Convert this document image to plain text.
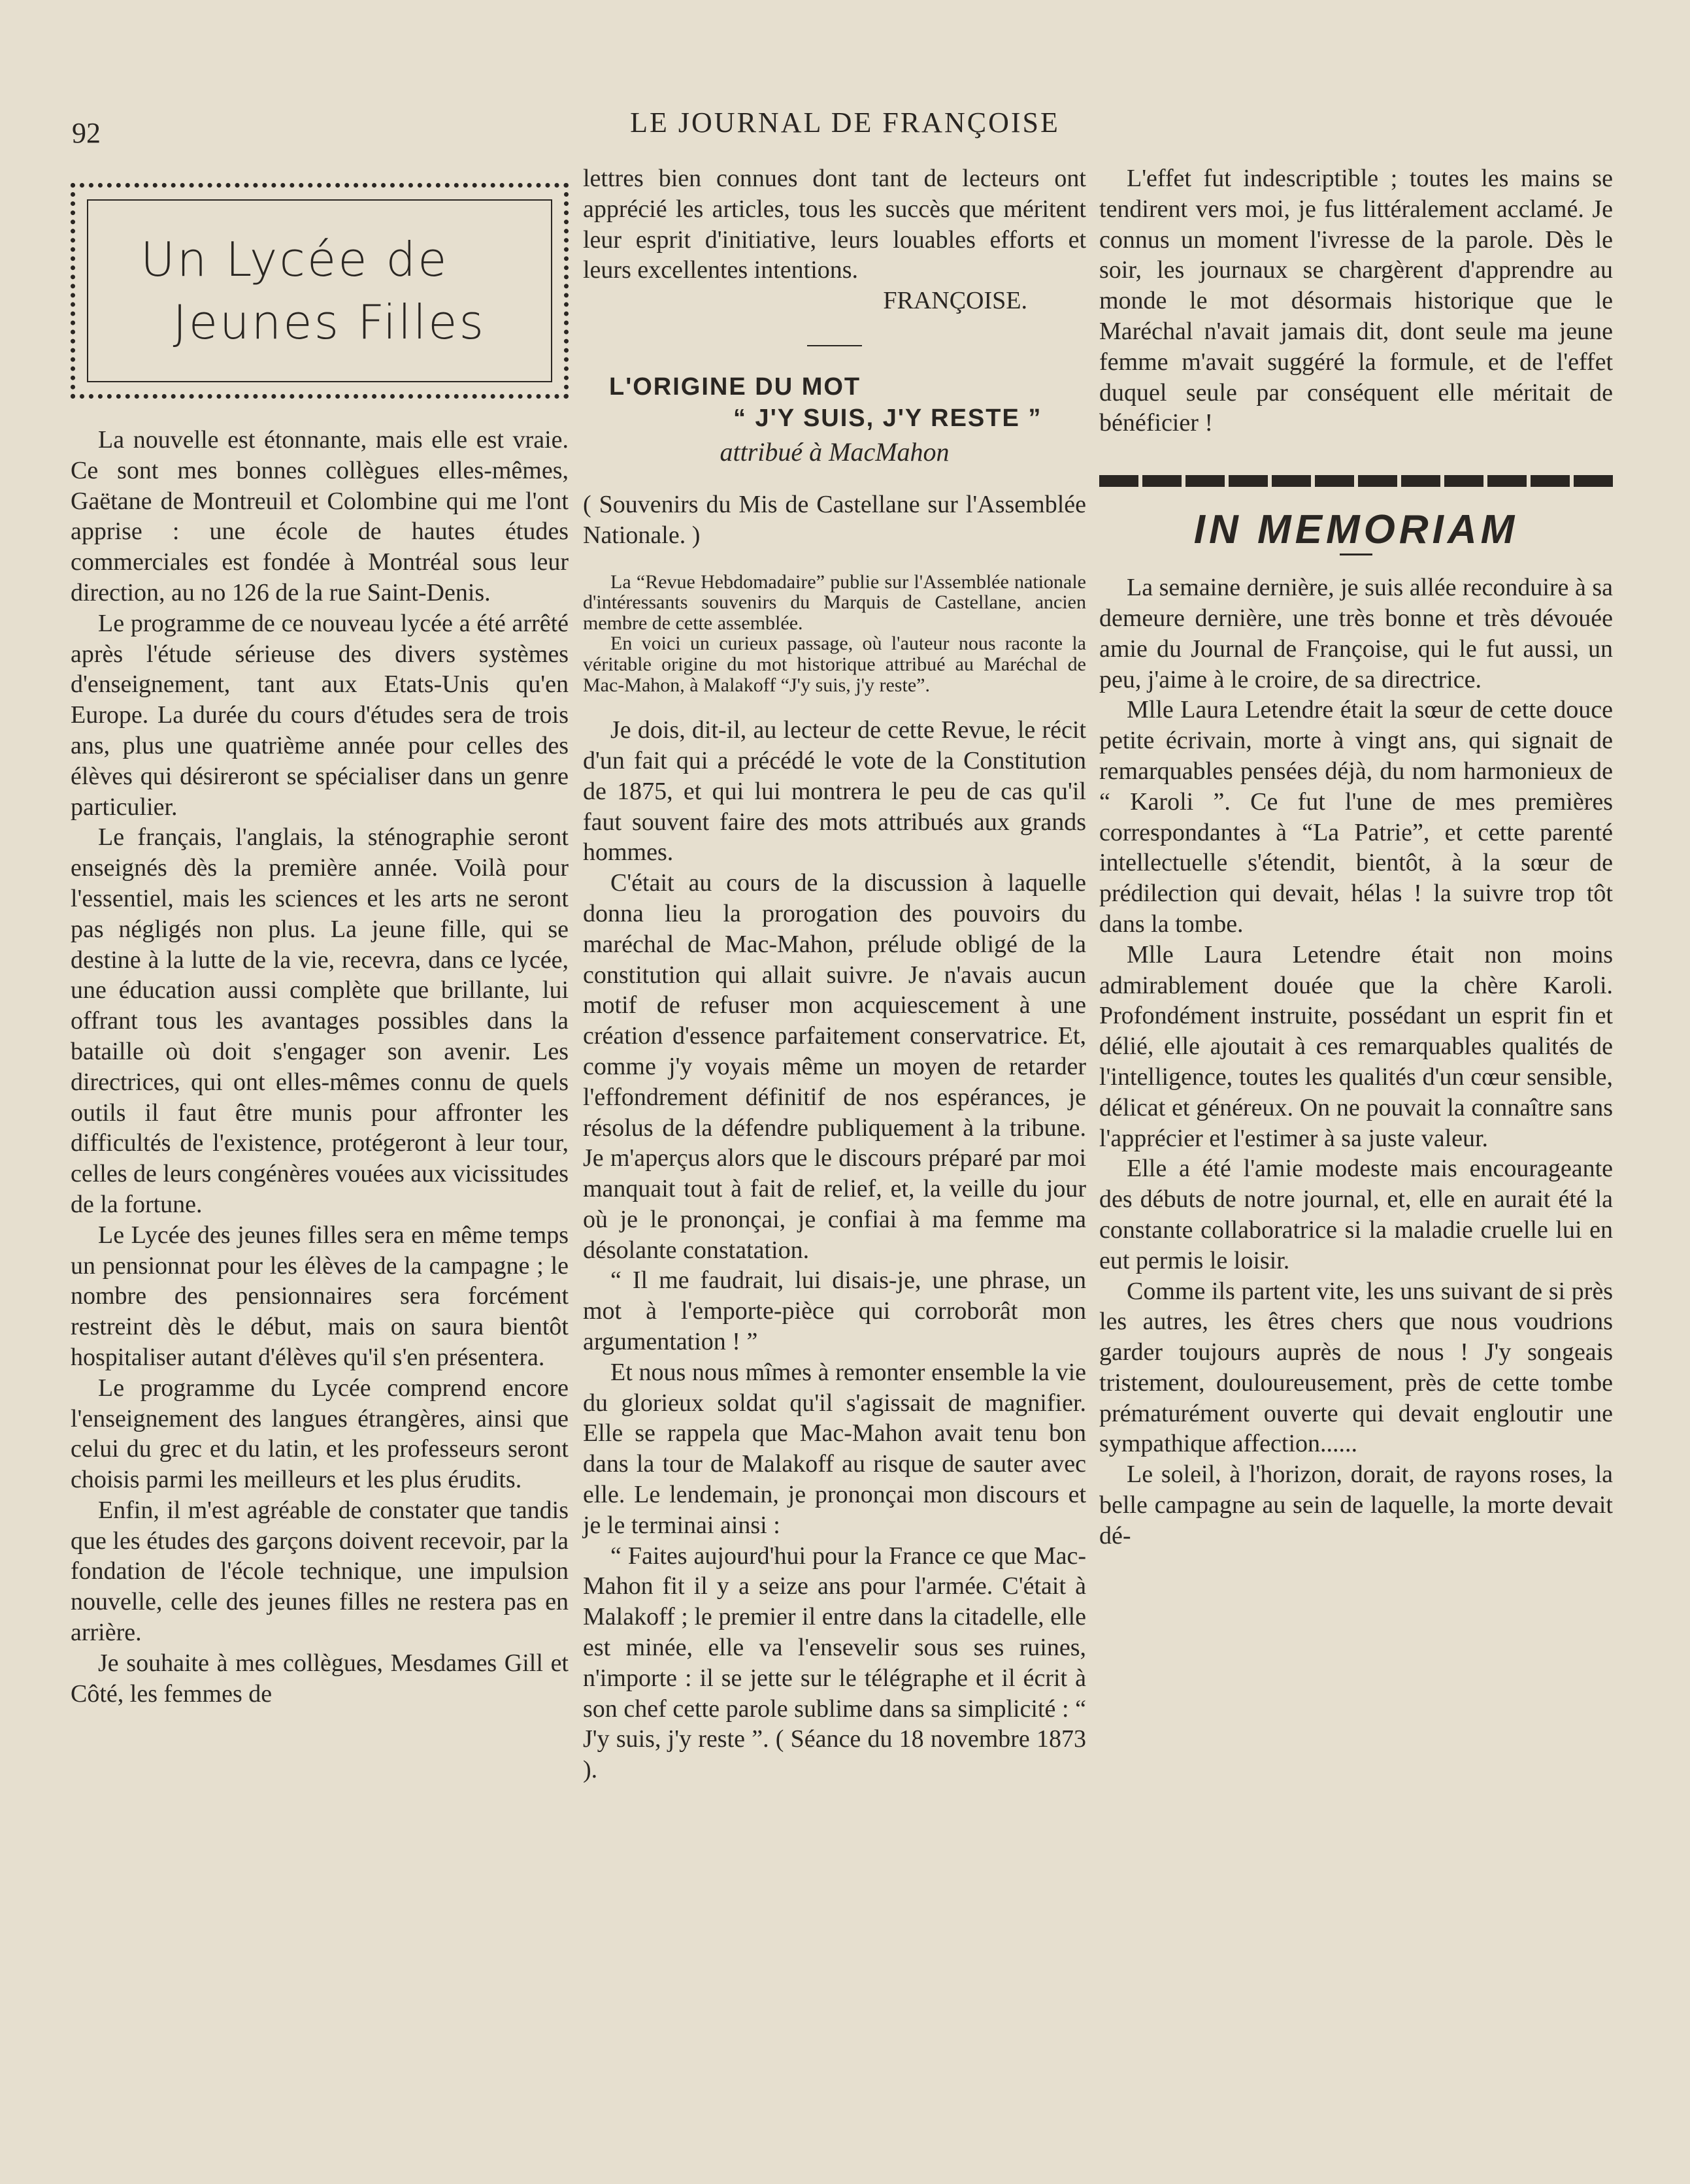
92	LE JOURNAL DE FRANÇOISE
Un Lycée de
Jeunes Filles

La nouvelle est étonnante, mais elle est vraie. Ce sont mes bonnes collègues elles-mêmes, Gaëtane de Montreuil et Colombine qui me l'ont apprise : une école de hautes études commerciales est fondée à Montréal sous leur direction, au no 126 de la rue Saint-Denis.

Le programme de ce nouveau lycée a été arrêté après l'étude sérieuse des divers systèmes d'enseignement, tant aux Etats-Unis qu'en Europe. La durée du cours d'études sera de trois ans, plus une quatrième année pour celles des élèves qui désireront se spécialiser dans un genre particulier.

Le français, l'anglais, la sténographie seront enseignés dès la première année. Voilà pour l'essentiel, mais les sciences et les arts ne seront pas négligés non plus. La jeune fille, qui se destine à la lutte de la vie, recevra, dans ce lycée, une éducation aussi complète que brillante, lui offrant tous les avantages possibles dans la bataille où doit s'engager son avenir. Les directrices, qui ont elles-mêmes connu de quels outils il faut être munis pour affronter les difficultés de l'existence, protégeront à leur tour, celles de leurs congénères vouées aux vicissitudes de la fortune.

Le Lycée des jeunes filles sera en même temps un pensionnat pour les élèves de la campagne ; le nombre des pensionnaires sera forcément restreint dès le début, mais on saura bientôt hospitaliser autant d'élèves qu'il s'en présentera.

Le programme du Lycée comprend encore l'enseignement des langues étrangères, ainsi que celui du grec et du latin, et les professeurs seront choisis parmi les meilleurs et les plus érudits.

Enfin, il m'est agréable de constater que tandis que les études des garçons doivent recevoir, par la fondation de l'école technique, une impulsion nouvelle, celle des jeunes filles ne restera pas en arrière.

Je souhaite à mes collègues, Mesdames Gill et Côté, les femmes de

lettres bien connues dont tant de lecteurs ont apprécié les articles, tous les succès que méritent leur esprit d'initiative, leurs louables efforts et leurs excellentes intentions.

FRANÇOISE.

L'ORIGINE DU MOT
“ J'Y SUIS, J'Y RESTE ”
attribué à MacMahon

( Souvenirs du Mis de Castellane sur l'Assemblée Nationale. )

La “Revue Hebdomadaire” publie sur l'Assemblée nationale d'intéressants souvenirs du Marquis de Castellane, ancien membre de cette assemblée.

En voici un curieux passage, où l'auteur nous raconte la véritable origine du mot historique attribué au Maréchal de Mac-Mahon, à Malakoff “J'y suis, j'y reste”.

Je dois, dit-il, au lecteur de cette Revue, le récit d'un fait qui a précédé le vote de la Constitution de 1875, et qui lui montrera le peu de cas qu'il faut souvent faire des mots attribués aux grands hommes.

C'était au cours de la discussion à laquelle donna lieu la prorogation des pouvoirs du maréchal de Mac-Mahon, prélude obligé de la constitution qui allait suivre. Je n'avais aucun motif de refuser mon acquiescement à une création d'essence parfaitement conservatrice. Et, comme j'y voyais même un moyen de retarder l'effondrement définitif de nos espérances, je résolus de la défendre publiquement à la tribune. Je m'aperçus alors que le discours préparé par moi manquait tout à fait de relief, et, la veille du jour où je le prononçai, je confiai à ma femme ma désolante constatation.

“ Il me faudrait, lui disais-je, une phrase, un mot à l'emporte-pièce qui corroborât mon argumentation ! ”

Et nous nous mîmes à remonter ensemble la vie du glorieux soldat qu'il s'agissait de magnifier. Elle se rappela que Mac-Mahon avait tenu bon dans la tour de Malakoff au risque de sauter avec elle. Le lendemain, je prononçai mon discours et je le terminai ainsi :

“ Faites aujourd'hui pour la France ce que Mac-Mahon fit il y a seize ans pour l'armée. C'était à Malakoff ; le premier il entre dans la citadelle, elle est minée, elle va l'ensevelir sous ses ruines, n'importe : il se jette sur le télégraphe et il écrit à son chef cette parole sublime dans sa simplicité : “ J'y suis, j'y reste ”. ( Séance du 18 novembre 1873 ).

L'effet fut indescriptible ; toutes les mains se tendirent vers moi, je fus littéralement acclamé. Je connus un moment l'ivresse de la parole. Dès le soir, les journaux se chargèrent d'apprendre au monde le mot désormais historique que le Maréchal n'avait jamais dit, dont seule ma jeune femme m'avait suggéré la formule, et de l'effet duquel seule par conséquent elle méritait de bénéficier !

IN MEMORIAM

La semaine dernière, je suis allée reconduire à sa demeure dernière, une très bonne et très dévouée amie du Journal de Françoise, qui le fut aussi, un peu, j'aime à le croire, de sa directrice.

Mlle Laura Letendre était la sœur de cette douce petite écrivain, morte à vingt ans, qui signait de remarquables pensées déjà, du nom harmonieux de “ Karoli ”. Ce fut l'une de mes premières correspondantes à “La Patrie”, et cette parenté intellectuelle s'étendit, bientôt, à la sœur de prédilection qui devait, hélas ! la suivre trop tôt dans la tombe.

Mlle Laura Letendre était non moins admirablement douée que la chère Karoli. Profondément instruite, possédant un esprit fin et délié, elle ajoutait à ces remarquables qualités de l'intelligence, toutes les qualités d'un cœur sensible, délicat et généreux. On ne pouvait la connaître sans l'apprécier et l'estimer à sa juste valeur.

Elle a été l'amie modeste mais encourageante des débuts de notre journal, et, elle en aurait été la constante collaboratrice si la maladie cruelle lui en eut permis le loisir.

Comme ils partent vite, les uns suivant de si près les autres, les êtres chers que nous voudrions garder toujours auprès de nous ! J'y songeais tristement, douloureusement, près de cette tombe prématurément ouverte qui devait engloutir une sympathique affection......

Le soleil, à l'horizon, dorait, de rayons roses, la belle campagne au sein de laquelle, la morte devait dé-
